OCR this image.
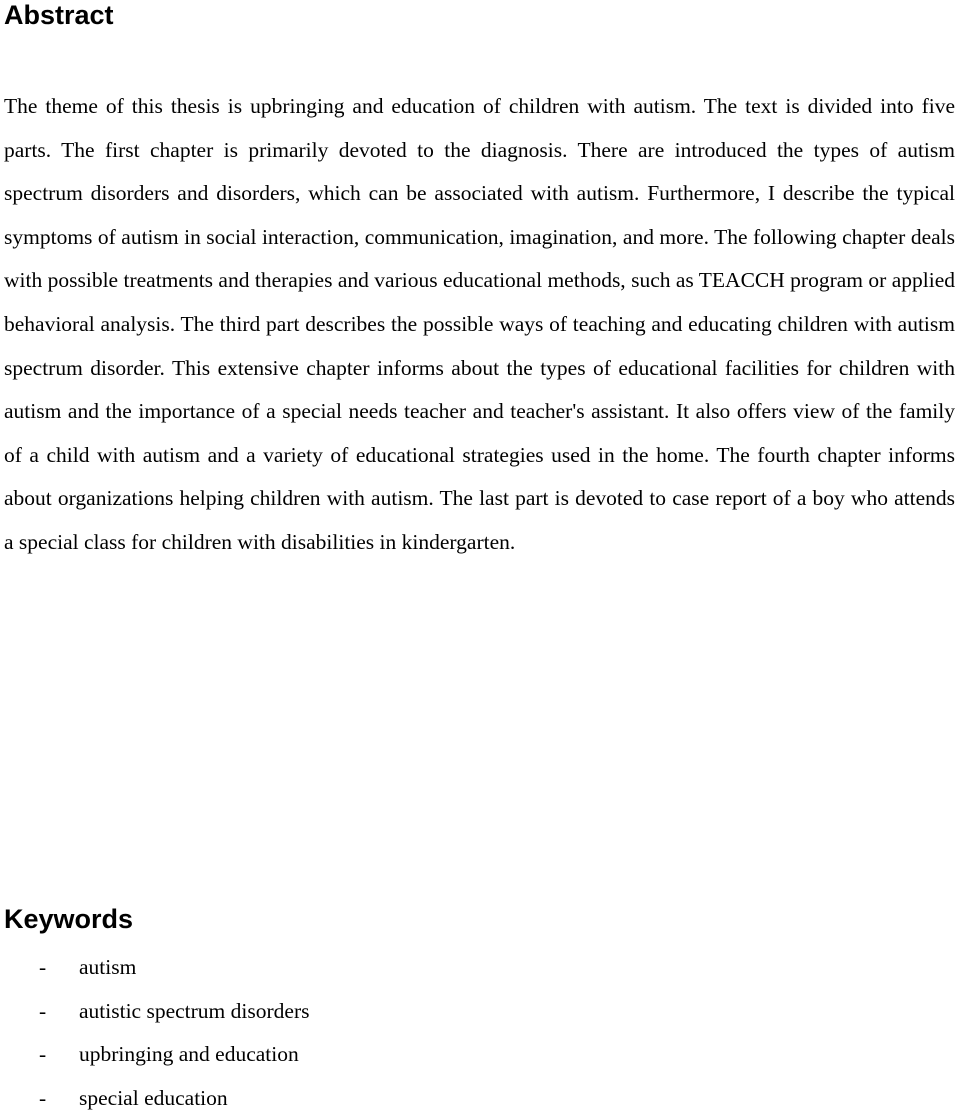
Abstract

The theme of this thesis is upbringing and education of children with autism. The text is divided into five parts. The first chapter is primarily devoted to the diagnosis. There are introduced the types of autism spectrum disorders and disorders, which can be associated with autism. Furthermore, I describe the typical symptoms of autism in social interaction, communication, imagination, and more. The following chapter deals with possible treatments and therapies and various educational methods, such as TEACCH program or applied behavioral analysis. The third part describes the possible ways of teaching and educating children with autism spectrum disorder. This extensive chapter informs about the types of educational facilities for children with autism and the importance of a special needs teacher and teacher's assistant. It also offers view of the family of a child with autism and a variety of educational strategies used in the home. The fourth chapter informs about organizations helping children with autism. The last part is devoted to case report of a boy who attends a special class for children with disabilities in kindergarten.

Keywords
- autism
- autistic spectrum disorders
- upbringing and education
- special education
